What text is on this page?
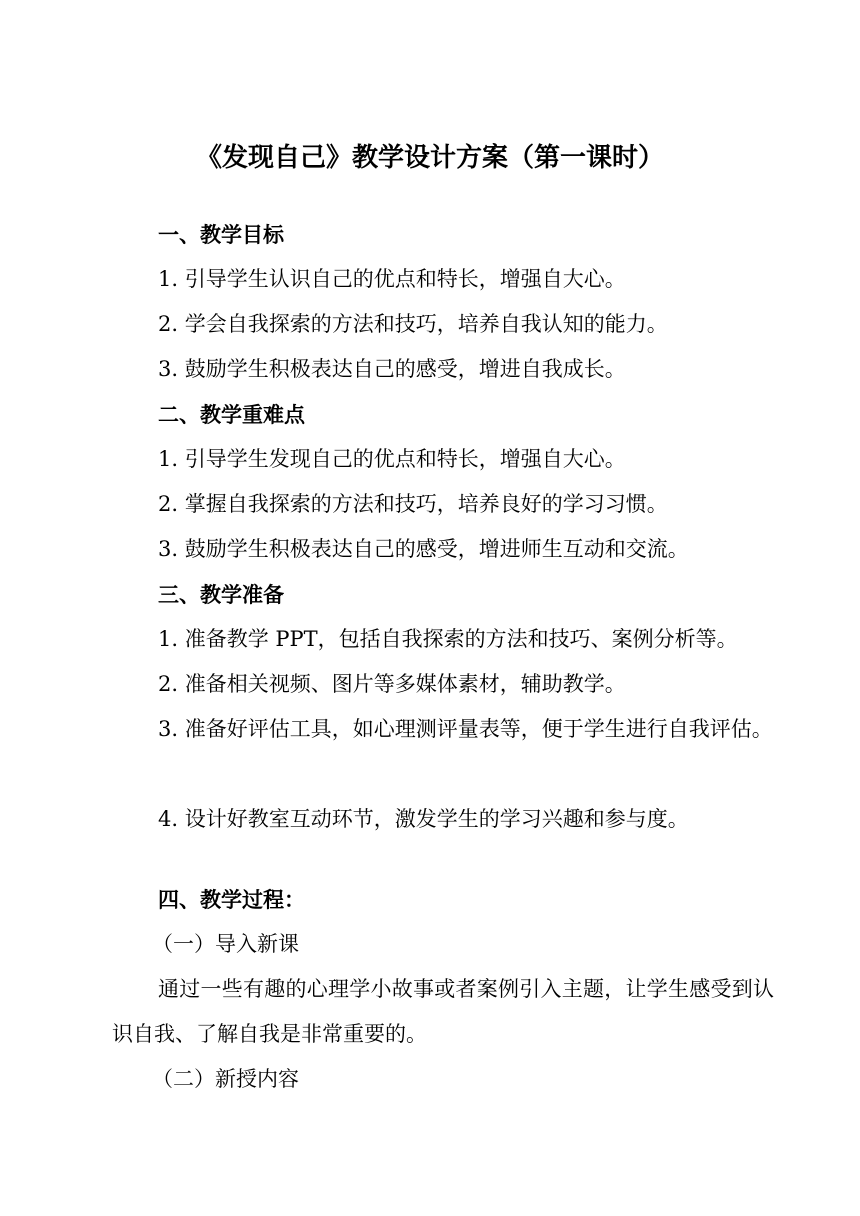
《发现自己》教学设计方案（第一课时）
一、教学目标
1. 引导学生认识自己的优点和特长，增强自大心。
2. 学会自我探索的方法和技巧，培养自我认知的能力。
3. 鼓励学生积极表达自己的感受，增进自我成长。
二、教学重难点
1. 引导学生发现自己的优点和特长，增强自大心。
2. 掌握自我探索的方法和技巧，培养良好的学习习惯。
3. 鼓励学生积极表达自己的感受，增进师生互动和交流。
三、教学准备
1. 准备教学 PPT，包括自我探索的方法和技巧、案例分析等。
2. 准备相关视频、图片等多媒体素材，辅助教学。
3. 准备好评估工具，如心理测评量表等，便于学生进行自我评估。
4. 设计好教室互动环节，激发学生的学习兴趣和参与度。
四、教学过程：
（一）导入新课
通过一些有趣的心理学小故事或者案例引入主题，让学生感受到认识自我、了解自我是非常重要的。
（二）新授内容
